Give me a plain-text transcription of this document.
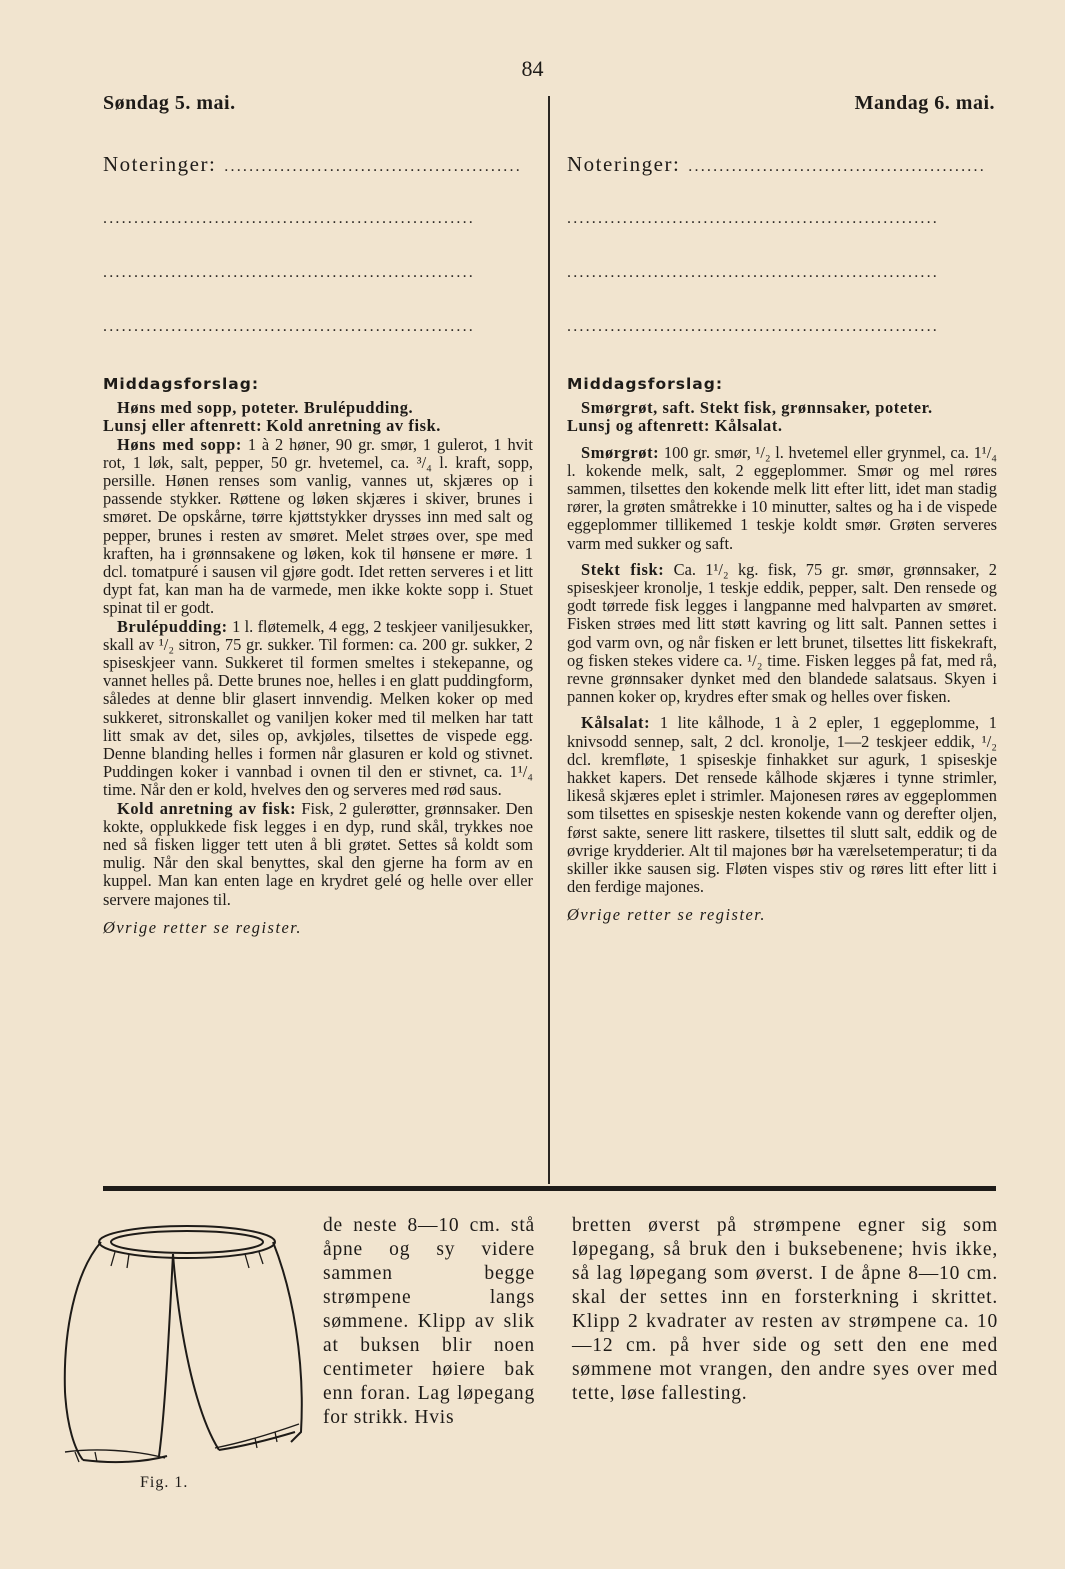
84
Søndag 5. mai.	Mandag 6. mai.
Noteringer: ................................................
............................................................
............................................................
............................................................
Noteringer: ................................................
............................................................
............................................................
............................................................

Middagsforslag:

Høns med sopp, poteter. Brulépudding.

Lunsj eller aftenrett: Kold anretning av fisk.

Høns med sopp: 1 à 2 høner, 90 gr. smør, 1 gulerot, 1 hvit rot, 1 løk, salt, pepper, 50 gr. hvetemel, ca. ³/₄ l. kraft, sopp, persille. Hønen renses som vanlig, vannes ut, skjæres op i passende stykker. Røttene og løken skjæres i skiver, brunes i smøret. De opskårne, tørre kjøttstykker drysses inn med salt og pepper, brunes i resten av smøret. Melet strøes over, spe med kraften, ha i grønnsakene og løken, kok til hønsene er møre. 1 dcl. tomatpuré i sausen vil gjøre godt. Idet retten serveres i et litt dypt fat, kan man ha de varmede, men ikke kokte sopp i. Stuet spinat til er godt.

Brulépudding: 1 l. fløtemelk, 4 egg, 2 teskjeer vaniljesukker, skall av ¹/₂ sitron, 75 gr. sukker. Til formen: ca. 200 gr. sukker, 2 spiseskjeer vann. Sukkeret til formen smeltes i stekepanne, og vannet helles på. Dette brunes noe, helles i en glatt puddingform, således at denne blir glasert innvendig. Melken koker op med sukkeret, sitronskallet og vaniljen koker med til melken har tatt litt smak av det, siles op, avkjøles, tilsettes de vispede egg. Denne blanding helles i formen når glasuren er kold og stivnet. Puddingen koker i vannbad i ovnen til den er stivnet, ca. 1¹/₄ time. Når den er kold, hvelves den og serveres med rød saus.

Kold anretning av fisk: Fisk, 2 gulerøtter, grønnsaker. Den kokte, opplukkede fisk legges i en dyp, rund skål, trykkes noe ned så fisken ligger tett uten å bli grøtet. Settes så koldt som mulig. Når den skal benyttes, skal den gjerne ha form av en kuppel. Man kan enten lage en krydret gelé og helle over eller servere majones til.

Øvrige retter se register.

Middagsforslag:

Smørgrøt, saft. Stekt fisk, grønnsaker, poteter.

Lunsj og aftenrett: Kålsalat.

Smørgrøt: 100 gr. smør, ¹/₂ l. hvetemel eller grynmel, ca. 1¹/₄ l. kokende melk, salt, 2 eggeplommer. Smør og mel røres sammen, tilsettes den kokende melk litt efter litt, idet man stadig rører, la grøten småtrekke i 10 minutter, saltes og ha i de vispede eggeplommer tillikemed 1 teskje koldt smør. Grøten serveres varm med sukker og saft.

Stekt fisk: Ca. 1¹/₂ kg. fisk, 75 gr. smør, grønnsaker, 2 spiseskjeer kronolje, 1 teskje eddik, pepper, salt. Den rensede og godt tørrede fisk legges i langpanne med halvparten av smøret. Fisken strøes med litt støtt kavring og litt salt. Pannen settes i god varm ovn, og når fisken er lett brunet, tilsettes litt fiskekraft, og fisken stekes videre ca. ¹/₂ time. Fisken legges på fat, med rå, revne grønnsaker dynket med den blandede salatsaus. Skyen i pannen koker op, krydres efter smak og helles over fisken.

Kålsalat: 1 lite kålhode, 1 à 2 epler, 1 eggeplomme, 1 knivsodd sennep, salt, 2 dcl. kronolje, 1—2 teskjeer eddik, ¹/₂ dcl. kremfløte, 1 spiseskje finhakket sur agurk, 1 spiseskje hakket kapers. Det rensede kålhode skjæres i tynne strimler, likeså skjæres eplet i strimler. Majonesen røres av eggeplommen som tilsettes en spiseskje nesten kokende vann og derefter oljen, først sakte, senere litt raskere, tilsettes til slutt salt, eddik og de øvrige krydderier. Alt til majones bør ha værelsetemperatur; ti da skiller ikke sausen sig. Fløten vispes stiv og røres litt efter litt i den ferdige majones.

Øvrige retter se register.

de neste 8—10 cm. stå åpne og sy videre sammen begge strømpene langs sømmene. Klipp av slik at buksen blir noen centimeter høiere bak enn foran. Lag løpegang for strikk. Hvis
bretten øverst på strømpene egner sig som løpegang, så bruk den i buksebenene; hvis ikke, så lag løpegang som øverst. I de åpne 8—10 cm. skal der settes inn en forsterkning i skrittet. Klipp 2 kvadrater av resten av strømpene ca. 10—12 cm. på hver side og sett den ene med sømmene mot vrangen, den andre syes over med tette, løse fallesting.
Fig. 1.
